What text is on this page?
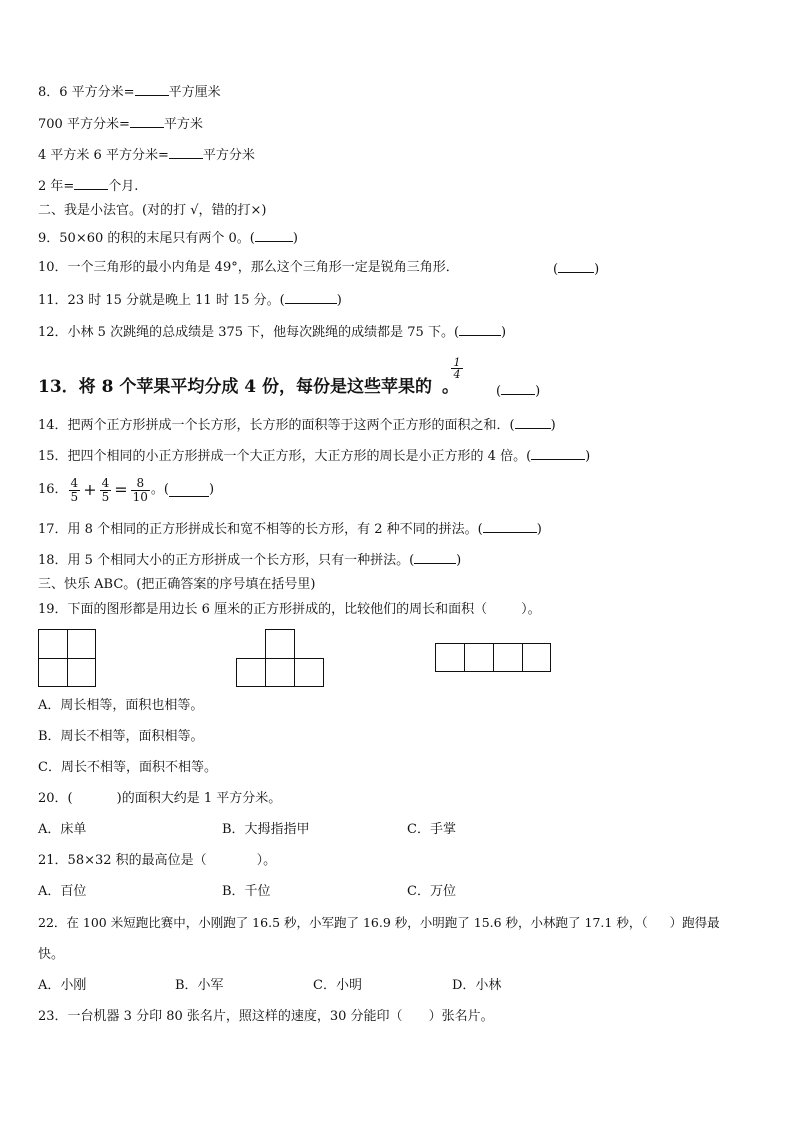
8．6 平方分米=	平方厘米
700 平方分米=	平方米
4 平方米 6 平方分米=	平方分米
2 年=	个月.
二、我是小法官。(对的打 √，错的打×)
9．50×60 的积的末尾只有两个 0。(	)
10．一个三角形的最小内角是 49°，那么这个三角形一定是锐角三角形．	(	)
11．23 时 15 分就是晚上 11 时 15 分。(	)
12．小林 5 次跳绳的总成绩是 375 下，他每次跳绳的成绩都是 75 下。(	)
13．将 8 个苹果平均分成 4 份，每份是这些苹果的 。
$\frac{1}{4}$
(	)
14．把两个正方形拼成一个长方形，长方形的面积等于这两个正方形的面积之和．(	)
15．把四个相同的小正方形拼成一个大正方形，大正方形的周长是小正方形的 4 倍。(	)
16． $\frac{4}{5} + \frac{4}{5} = \frac{8}{10}$ 。(	)
17．用 8 个相同的正方形拼成长和宽不相等的长方形，有 2 种不同的拼法。(	)
18．用 5 个相同大小的正方形拼成一个长方形，只有一种拼法。(	)
三、快乐 ABC。(把正确答案的序号填在括号里)
19．下面的图形都是用边长 6 厘米的正方形拼成的，比较他们的周长和面积（	）。
A．周长相等，面积也相等。
B．周长不相等，面积相等。
C．周长不相等，面积不相等。
20．(	)的面积大约是 1 平方分米。
A．床单	B．大拇指指甲	C．手掌
21．58×32 积的最高位是（	）。
A．百位	B．千位	C．万位
22．在 100 米短跑比赛中，小刚跑了 16.5 秒，小军跑了 16.9 秒，小明跑了 15.6 秒，小林跑了 17.1 秒，（ ）跑得最
快。
A．小刚	B．小军	C．小明	D．小林
23．一台机器 3 分印 80 张名片，照这样的速度，30 分能印（ ）张名片。
